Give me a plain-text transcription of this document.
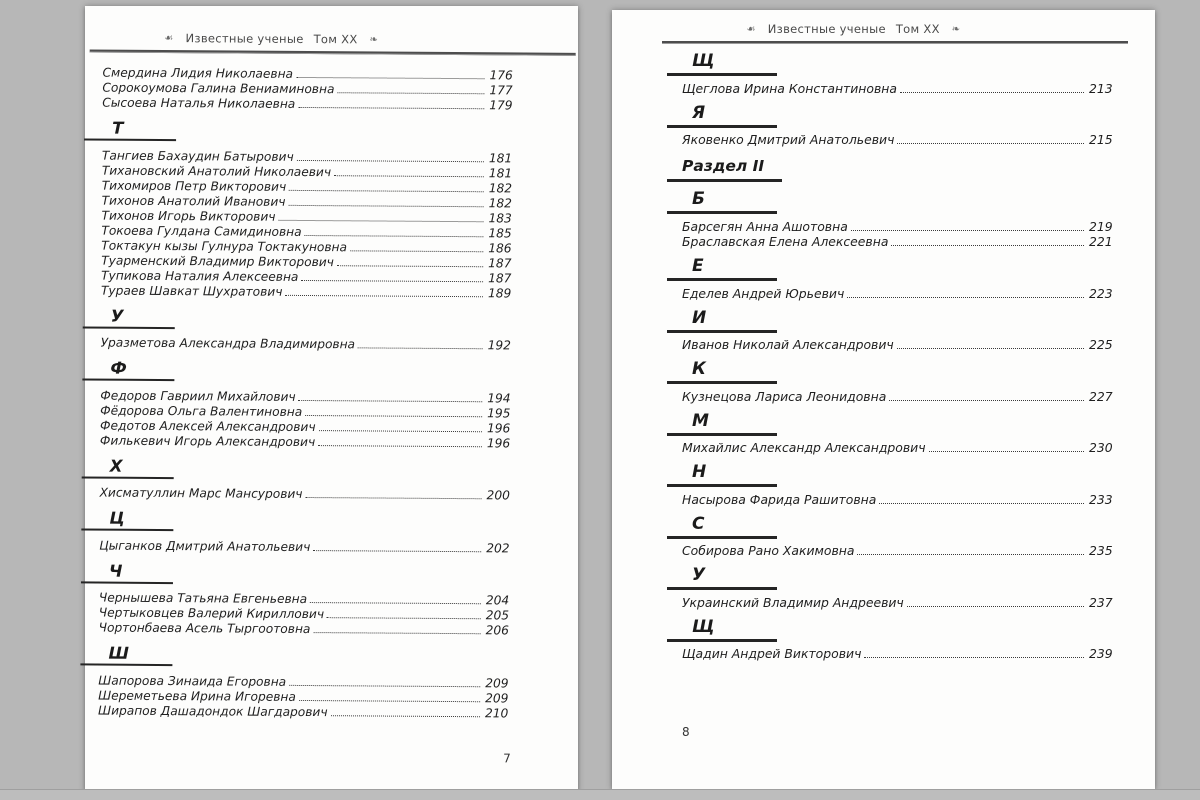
☙ Известные ученые Том XX ❧
Смердина Лидия Николаевна	176
Сорокоумова Галина Вениаминовна	177
Сысоева Наталья Николаевна	179
Т
Тангиев Бахаудин Батырович	181
Тихановский Анатолий Николаевич	181
Тихомиров Петр Викторович	182
Тихонов Анатолий Иванович	182
Тихонов Игорь Викторович	183
Токоева Гулдана Самидиновна	185
Токтакун кызы Гулнура Токтакуновна	186
Туарменский Владимир Викторович	187
Тупикова Наталия Алексеевна	187
Тураев Шавкат Шухратович	189
У
Уразметова Александра Владимировна	192
Ф
Федоров Гавриил Михайлович	194
Фёдорова Ольга Валентиновна	195
Федотов Алексей Александрович	196
Филькевич Игорь Александрович	196
Х
Хисматуллин Марс Мансурович	200
Ц
Цыганков Дмитрий Анатольевич	202
Ч
Чернышева Татьяна Евгеньевна	204
Чертыковцев Валерий Кириллович	205
Чортонбаева Асель Тыргоотовна	206
Ш
Шапорова Зинаида Егоровна	209
Шереметьева Ирина Игоревна	209
Ширапов Дашадондок Шагдарович	210
7
☙ Известные ученые Том XX ❧
Щ
Щеглова Ирина Константиновна	213
Я
Яковенко Дмитрий Анатольевич	215
Раздел II
Б
Барсегян Анна Ашотовна	219
Браславская Елена Алексеевна	221
Е
Еделев Андрей Юрьевич	223
И
Иванов Николай Александрович	225
К
Кузнецова Лариса Леонидовна	227
М
Михайлис Александр Александрович	230
Н
Насырова Фарида Рашитовна	233
С
Собирова Рано Хакимовна	235
У
Украинский Владимир Андреевич	237
Щ
Щадин Андрей Викторович	239
8
